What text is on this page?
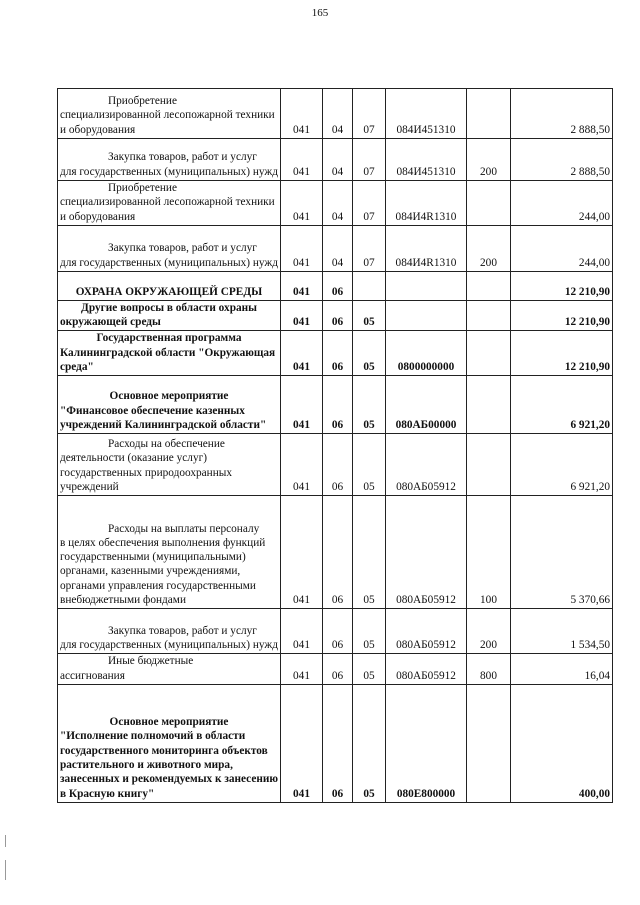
165
Приобретение
специализированной лесопожарной техники и оборудования	041	04	07	084И451310		2 888,50

Закупка товаров, работ и услуг
для государственных (муниципальных) нужд	041	04	07	084И451310	200	2 888,50

Приобретение
специализированной лесопожарной техники и оборудования	041	04	07	084И4R1310		244,00

Закупка товаров, работ и услуг
для государственных (муниципальных) нужд	041	04	07	084И4R1310	200	244,00

ОХРАНА ОКРУЖАЮЩЕЙ СРЕДЫ	041	06				12 210,90

Другие вопросы в области охраны
окружающей среды	041	06	05			12 210,90

Государственная программа
Калининградской области "Окружающая среда"	041	06	05	0800000000		12 210,90

Основное мероприятие
"Финансовое обеспечение казенных учреждений Калининградской области"	041	06	05	080АБ00000		6 921,20

Расходы на обеспечение
деятельности (оказание услуг) государственных природоохранных учреждений	041	06	05	080АБ05912		6 921,20

Расходы на выплаты персоналу
в целях обеспечения выполнения функций государственными (муниципальными) органами, казенными учреждениями, органами управления государственными внебюджетными фондами	041	06	05	080АБ05912	100	5 370,66

Закупка товаров, работ и услуг
для государственных (муниципальных) нужд	041	06	05	080АБ05912	200	1 534,50

Иные бюджетные
ассигнования	041	06	05	080АБ05912	800	16,04

Основное мероприятие
"Исполнение полномочий в области государственного мониторинга объектов растительного и животного мира, занесенных и рекомендуемых к занесению в Красную книгу"	041	06	05	080Е800000		400,00
